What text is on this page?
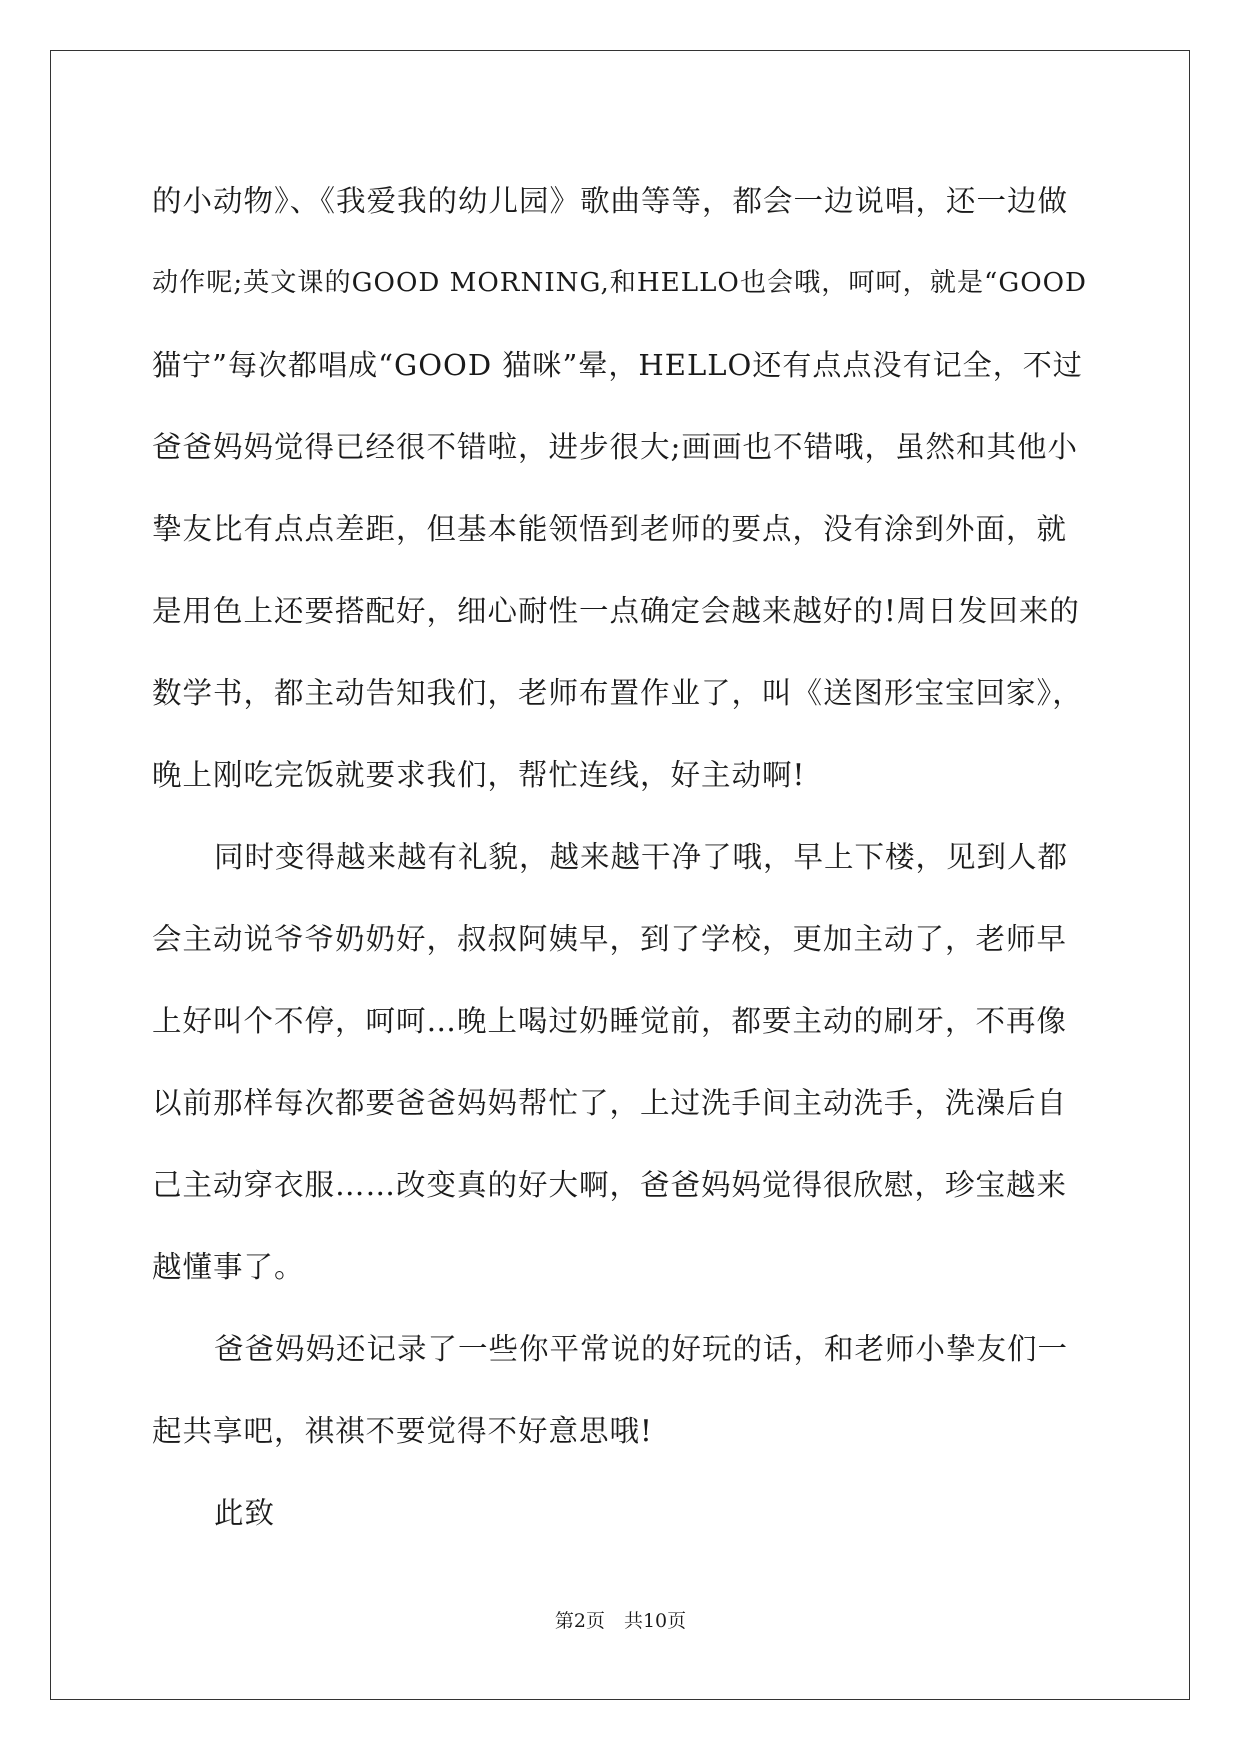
的小动物》、《我爱我的幼儿园》歌曲等等，都会一边说唱，还一边做
动作呢;英文课的GOOD MORNING,和HELLO也会哦，呵呵，就是“GOOD
猫宁”每次都唱成“GOOD 猫咪”晕，HELLO还有点点没有记全，不过
爸爸妈妈觉得已经很不错啦，进步很大;画画也不错哦，虽然和其他小
挚友比有点点差距，但基本能领悟到老师的要点，没有涂到外面，就
是用色上还要搭配好，细心耐性一点确定会越来越好的!周日发回来的
数学书，都主动告知我们，老师布置作业了，叫《送图形宝宝回家》，
晚上刚吃完饭就要求我们，帮忙连线，好主动啊!
同时变得越来越有礼貌，越来越干净了哦，早上下楼，见到人都
会主动说爷爷奶奶好，叔叔阿姨早，到了学校，更加主动了，老师早
上好叫个不停，呵呵…晚上喝过奶睡觉前，都要主动的刷牙，不再像
以前那样每次都要爸爸妈妈帮忙了，上过洗手间主动洗手，洗澡后自
己主动穿衣服……改变真的好大啊，爸爸妈妈觉得很欣慰，珍宝越来
越懂事了。
爸爸妈妈还记录了一些你平常说的好玩的话，和老师小挚友们一
起共享吧，祺祺不要觉得不好意思哦!
此致
第2页　共10页
